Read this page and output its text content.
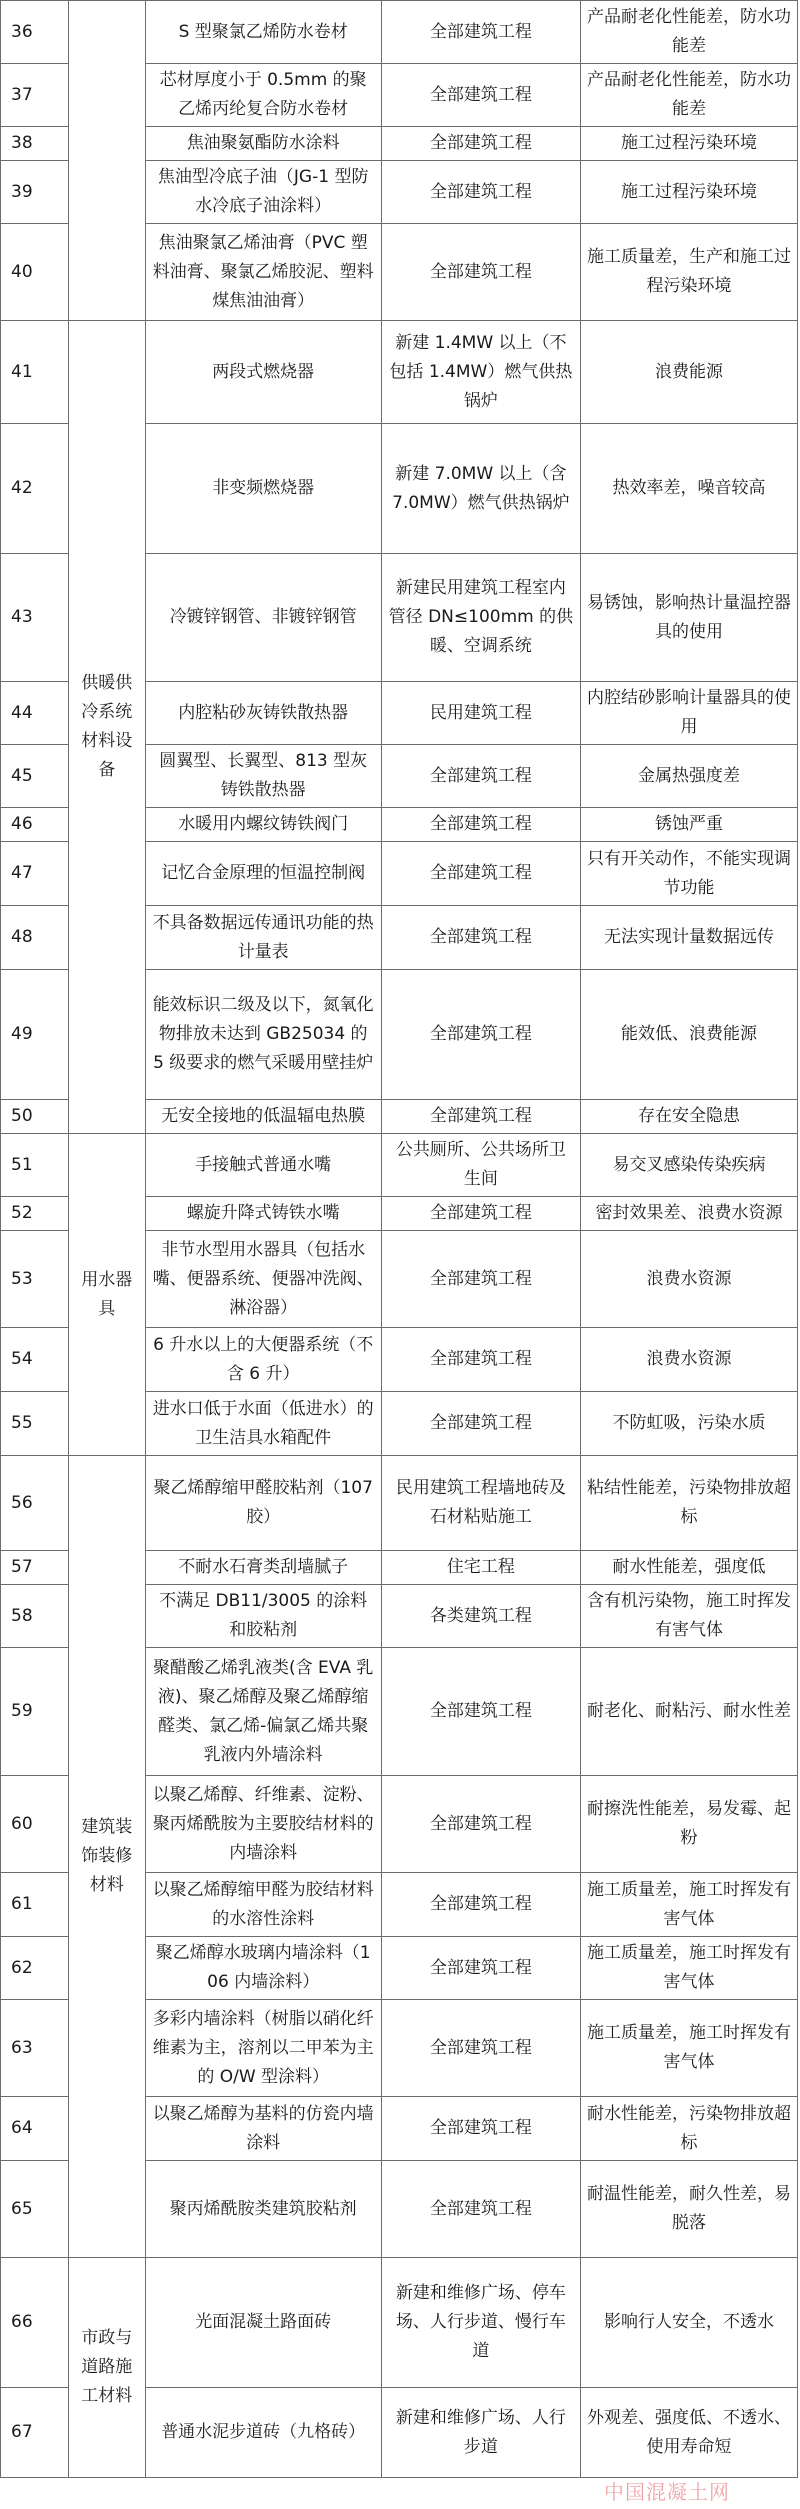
36		S 型聚氯乙烯防水卷材	全部建筑工程	产品耐老化性能差，防水功能差
37		芯材厚度小于 0.5mm 的聚乙烯丙纶复合防水卷材	全部建筑工程	产品耐老化性能差，防水功能差
38		焦油聚氨酯防水涂料	全部建筑工程	施工过程污染环境
39		焦油型冷底子油（JG-1 型防水冷底子油涂料）	全部建筑工程	施工过程污染环境
40		焦油聚氯乙烯油膏（PVC 塑料油膏、聚氯乙烯胶泥、塑料煤焦油油膏）	全部建筑工程	施工质量差，生产和施工过程污染环境
41	供暖供冷系统材料设备	两段式燃烧器	新建 1.4MW 以上（不包括 1.4MW）燃气供热锅炉	浪费能源
42		非变频燃烧器	新建 7.0MW 以上（含 7.0MW）燃气供热锅炉	热效率差，噪音较高
43		冷镀锌钢管、非镀锌钢管	新建民用建筑工程室内管径 DN≤100mm 的供暖、空调系统	易锈蚀，影响热计量温控器具的使用
44		内腔粘砂灰铸铁散热器	民用建筑工程	内腔结砂影响计量器具的使用
45		圆翼型、长翼型、813 型灰铸铁散热器	全部建筑工程	金属热强度差
46		水暖用内螺纹铸铁阀门	全部建筑工程	锈蚀严重
47		记忆合金原理的恒温控制阀	全部建筑工程	只有开关动作，不能实现调节功能
48		不具备数据远传通讯功能的热计量表	全部建筑工程	无法实现计量数据远传
49		能效标识二级及以下，氮氧化物排放未达到 GB25034 的 5 级要求的燃气采暖用壁挂炉	全部建筑工程	能效低、浪费能源
50		无安全接地的低温辐电热膜	全部建筑工程	存在安全隐患
51	用水器具	手接触式普通水嘴	公共厕所、公共场所卫生间	易交叉感染传染疾病
52		螺旋升降式铸铁水嘴	全部建筑工程	密封效果差、浪费水资源
53		非节水型用水器具（包括水嘴、便器系统、便器冲洗阀、淋浴器）	全部建筑工程	浪费水资源
54		6 升水以上的大便器系统（不含 6 升）	全部建筑工程	浪费水资源
55		进水口低于水面（低进水）的卫生洁具水箱配件	全部建筑工程	不防虹吸，污染水质
56	建筑装饰装修材料	聚乙烯醇缩甲醛胶粘剂（107 胶）	民用建筑工程墙地砖及石材粘贴施工	粘结性能差，污染物排放超标
57		不耐水石膏类刮墙腻子	住宅工程	耐水性能差，强度低
58		不满足 DB11/3005 的涂料和胶粘剂	各类建筑工程	含有机污染物，施工时挥发有害气体
59		聚醋酸乙烯乳液类(含 EVA 乳液)、聚乙烯醇及聚乙烯醇缩醛类、氯乙烯-偏氯乙烯共聚乳液内外墙涂料	全部建筑工程	耐老化、耐粘污、耐水性差
60		以聚乙烯醇、纤维素、淀粉、聚丙烯酰胺为主要胶结材料的内墙涂料	全部建筑工程	耐擦洗性能差，易发霉、起粉
61		以聚乙烯醇缩甲醛为胶结材料的水溶性涂料	全部建筑工程	施工质量差，施工时挥发有害气体
62		聚乙烯醇水玻璃内墙涂料（106 内墙涂料）	全部建筑工程	施工质量差，施工时挥发有害气体
63		多彩内墙涂料（树脂以硝化纤维素为主，溶剂以二甲苯为主的 O/W 型涂料）	全部建筑工程	施工质量差，施工时挥发有害气体
64		以聚乙烯醇为基料的仿瓷内墙涂料	全部建筑工程	耐水性能差，污染物排放超标
65		聚丙烯酰胺类建筑胶粘剂	全部建筑工程	耐温性能差，耐久性差，易脱落
66	市政与道路施工材料	光面混凝土路面砖	新建和维修广场、停车场、人行步道、慢行车道	影响行人安全，不透水
67		普通水泥步道砖（九格砖）	新建和维修广场、人行步道	外观差、强度低、不透水、使用寿命短
中国混凝土网
